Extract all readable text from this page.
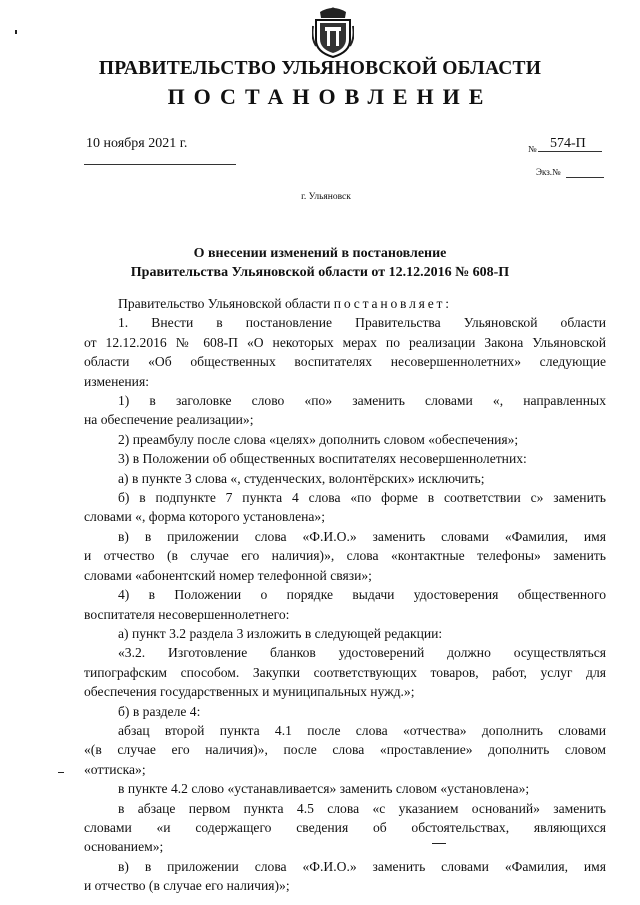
ПРАВИТЕЛЬСТВО УЛЬЯНОВСКОЙ ОБЛАСТИ
ПОСТАНОВЛЕНИЕ
10 ноября 2021 г.	№ 574-П
Экз.№
г. Ульяновск
О внесении изменений в постановление
Правительства Ульяновской области от 12.12.2016 № 608-П

Правительство Ульяновской области постановляет:

1. Внести в постановление Правительства Ульяновской области

от 12.12.2016 № 608-П «О некоторых мерах по реализации Закона Ульяновской

области «Об общественных воспитателях несовершеннолетних» следующие

изменения:

1) в заголовке слово «по» заменить словами «, направленных

на обеспечение реализации»;

2) преамбулу после слова «целях» дополнить словом «обеспечения»;

3) в Положении об общественных воспитателях несовершеннолетних:

а) в пункте 3 слова «, студенческих, волонтёрских» исключить;

б) в подпункте 7 пункта 4 слова «по форме в соответствии с» заменить

словами «, форма которого установлена»;

в) в приложении слова «Ф.И.О.» заменить словами «Фамилия, имя

и отчество (в случае его наличия)», слова «контактные телефоны» заменить

словами «абонентский номер телефонной связи»;

4) в Положении о порядке выдачи удостоверения общественного

воспитателя несовершеннолетнего:

а) пункт 3.2 раздела 3 изложить в следующей редакции:

«3.2. Изготовление бланков удостоверений должно осуществляться

типографским способом. Закупки соответствующих товаров, работ, услуг для

обеспечения государственных и муниципальных нужд.»;

б) в разделе 4:

абзац второй пункта 4.1 после слова «отчества» дополнить словами

«(в случае его наличия)», после слова «проставление» дополнить словом

«оттиска»;

в пункте 4.2 слово «устанавливается» заменить словом «установлена»;

в абзаце первом пункта 4.5 слова «с указанием оснований» заменить

словами «и содержащего сведения об обстоятельствах, являющихся

основанием»;

в) в приложении слова «Ф.И.О.» заменить словами «Фамилия, имя

и отчество (в случае его наличия)»;
